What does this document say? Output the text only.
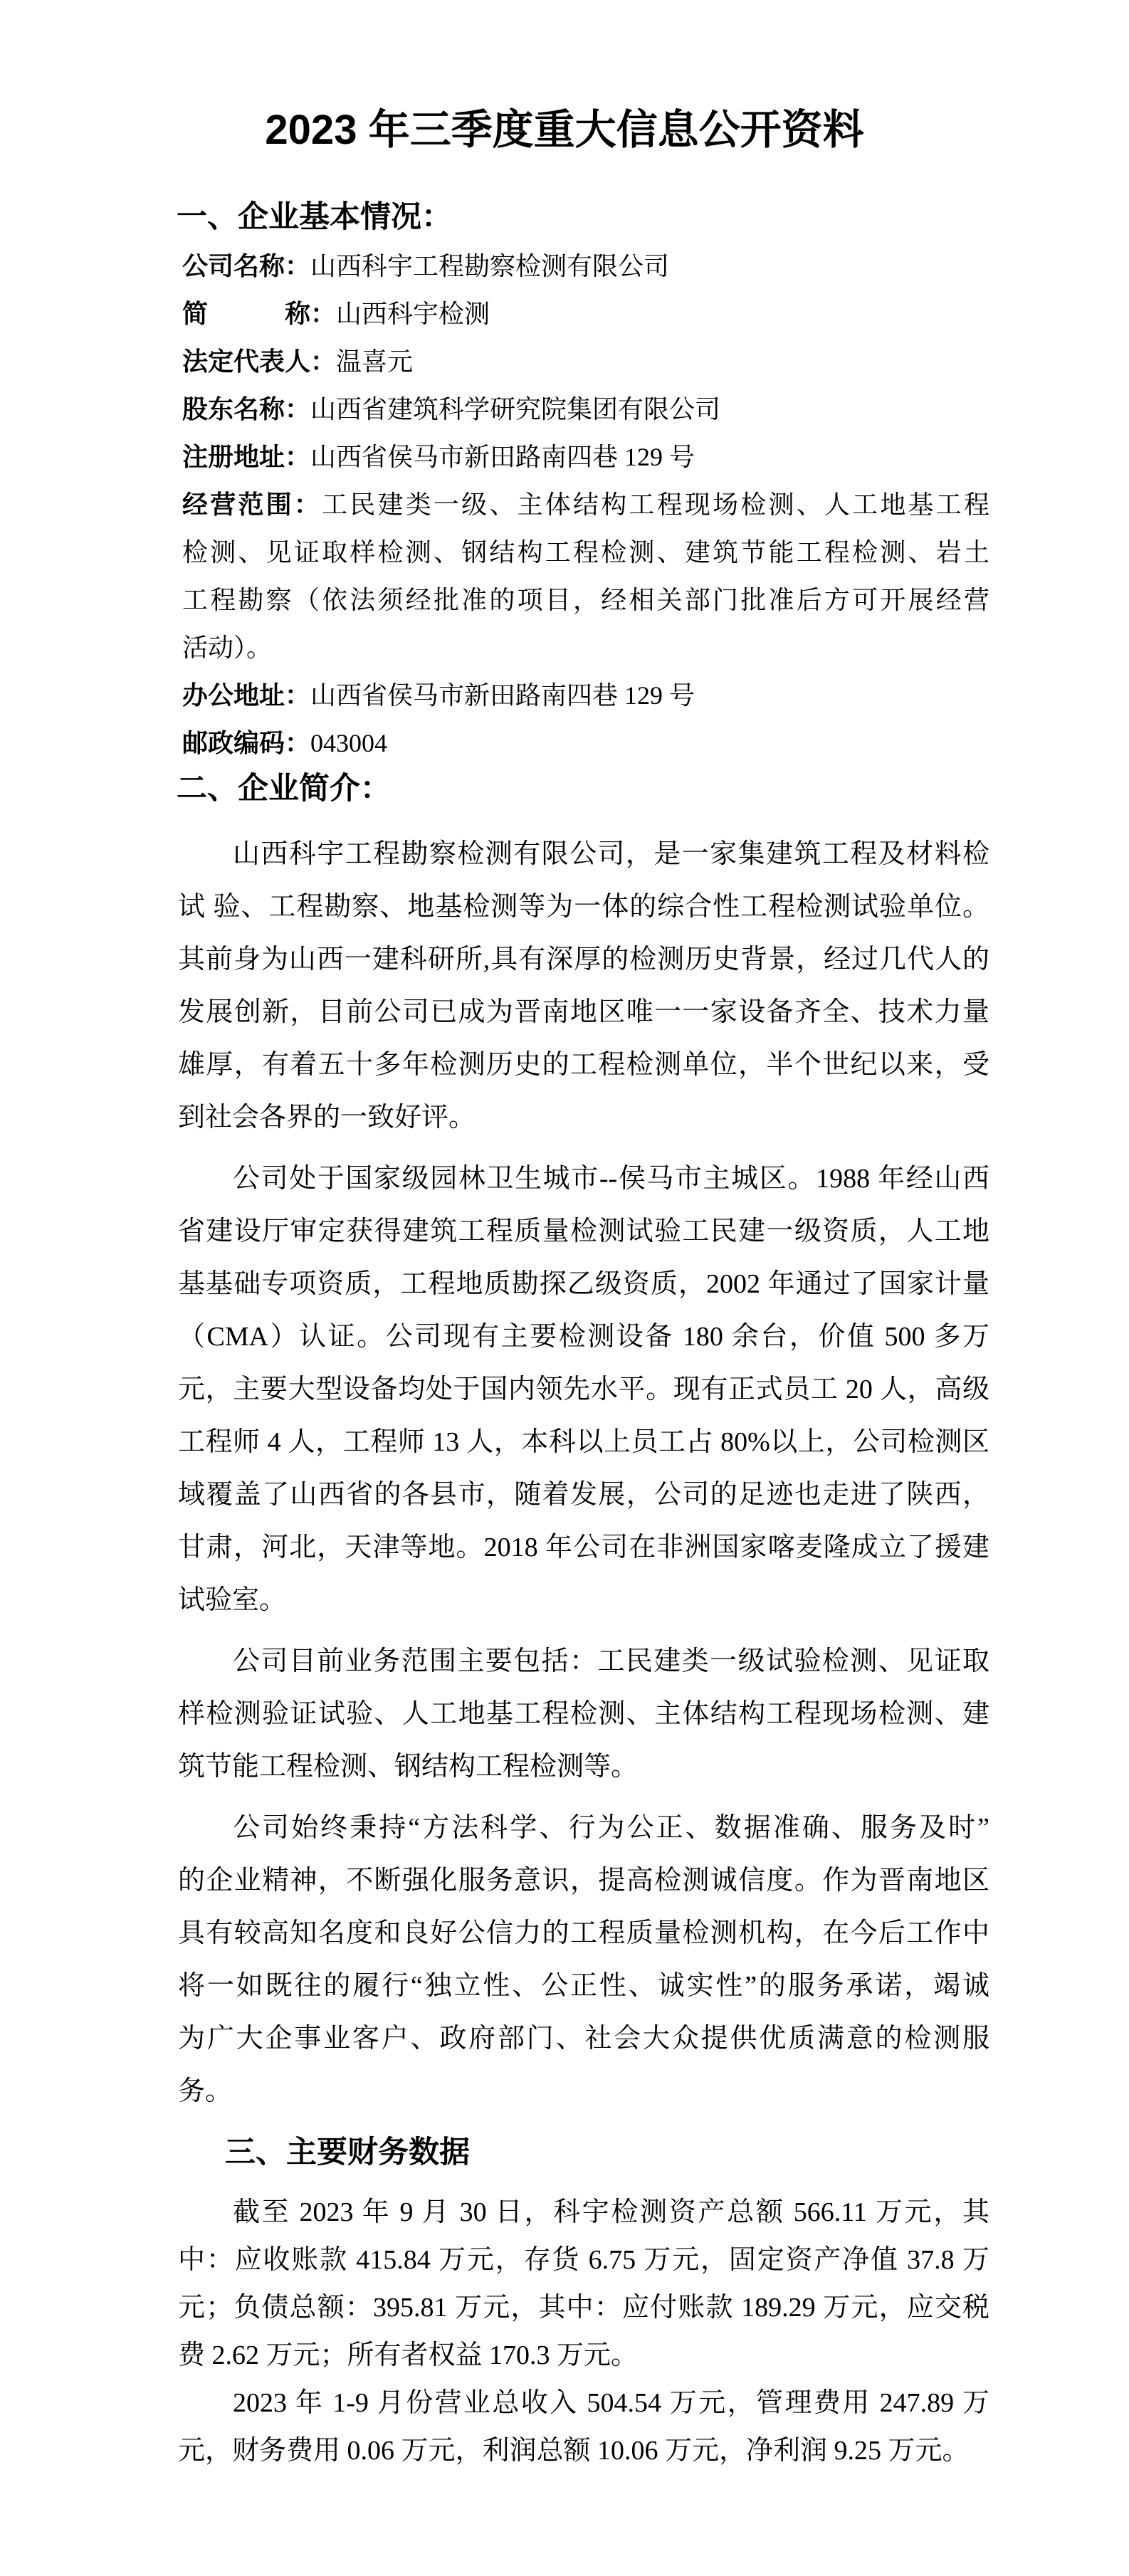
2023 年三季度重大信息公开资料
一、企业基本情况：

公司名称：山西科宇工程勘察检测有限公司

简　　　称：山西科宇检测

法定代表人：温喜元

股东名称：山西省建筑科学研究院集团有限公司

注册地址：山西省侯马市新田路南四巷 129 号

经营范围：工民建类一级、主体结构工程现场检测、人工地基工程

检测、见证取样检测、钢结构工程检测、建筑节能工程检测、岩土

工程勘察（依法须经批准的项目，经相关部门批准后方可开展经营

活动）。

办公地址：山西省侯马市新田路南四巷 129 号

邮政编码：043004

二、企业简介：

山西科宇工程勘察检测有限公司，是一家集建筑工程及材料检

试 验、工程勘察、地基检测等为一体的综合性工程检测试验单位。

其前身为山西一建科研所,具有深厚的检测历史背景，经过几代人的

发展创新，目前公司已成为晋南地区唯一一家设备齐全、技术力量

雄厚，有着五十多年检测历史的工程检测单位，半个世纪以来，受

到社会各界的一致好评。

公司处于国家级园林卫生城市--侯马市主城区。1988 年经山西

省建设厅审定获得建筑工程质量检测试验工民建一级资质，人工地

基基础专项资质，工程地质勘探乙级资质，2002 年通过了国家计量

（CMA）认证。公司现有主要检测设备 180 余台，价值 500 多万

元，主要大型设备均处于国内领先水平。现有正式员工 20 人，高级

工程师 4 人，工程师 13 人，本科以上员工占 80%以上，公司检测区

域覆盖了山西省的各县市，随着发展，公司的足迹也走进了陕西，

甘肃，河北，天津等地。2018 年公司在非洲国家喀麦隆成立了援建

试验室。

公司目前业务范围主要包括：工民建类一级试验检测、见证取

样检测验证试验、人工地基工程检测、主体结构工程现场检测、建

筑节能工程检测、钢结构工程检测等。

公司始终秉持“方法科学、行为公正、数据准确、服务及时”

的企业精神，不断强化服务意识，提高检测诚信度。作为晋南地区

具有较高知名度和良好公信力的工程质量检测机构，在今后工作中

将一如既往的履行“独立性、公正性、诚实性”的服务承诺，竭诚

为广大企事业客户、政府部门、社会大众提供优质满意的检测服

务。

三、主要财务数据

截至 2023 年 9 月 30 日，科宇检测资产总额 566.11 万元，其

中：应收账款 415.84 万元，存货 6.75 万元，固定资产净值 37.8 万

元；负债总额：395.81 万元，其中：应付账款 189.29 万元，应交税

费 2.62 万元；所有者权益 170.3 万元。

2023 年 1-9 月份营业总收入 504.54 万元，管理费用 247.89 万

元，财务费用 0.06 万元，利润总额 10.06 万元，净利润 9.25 万元。
